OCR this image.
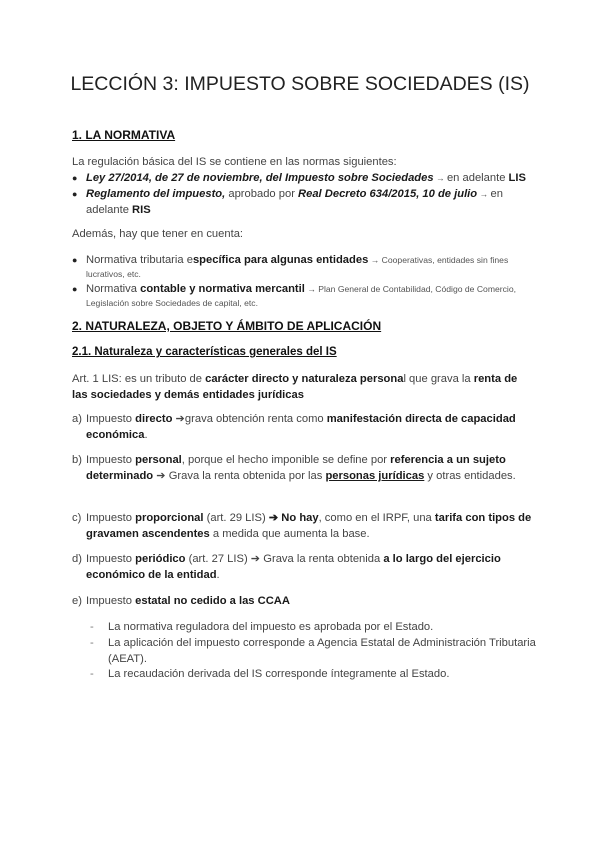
LECCIÓN 3: IMPUESTO SOBRE SOCIEDADES (IS)
1. LA NORMATIVA

La regulación básica del IS se contiene en las normas siguientes:

● Ley 27/2014, de 27 de noviembre, del Impuesto sobre Sociedades → en adelante LIS
● Reglamento del impuesto, aprobado por Real Decreto 634/2015, 10 de julio → en adelante RIS

Además, hay que tener en cuenta:

● Normativa tributaria específica para algunas entidades → Cooperativas, entidades sin fines lucrativos, etc.
● Normativa contable y normativa mercantil → Plan General de Contabilidad, Código de Comercio, Legislación sobre Sociedades de capital, etc.
2. NATURALEZA, OBJETO Y ÁMBITO DE APLICACIÓN
2.1. Naturaleza y características generales del IS

Art. 1 LIS: es un tributo de carácter directo y naturaleza personal que grava la renta de las sociedades y demás entidades jurídicas

a) Impuesto directo ➔grava obtención renta como manifestación directa de capacidad económica.
b) Impuesto personal, porque el hecho imponible se define por referencia a un sujeto determinado ➔ Grava la renta obtenida por las personas jurídicas y otras entidades.
c) Impuesto proporcional (art. 29 LIS) ➔ No hay, como en el IRPF, una tarifa con tipos de gravamen ascendentes a medida que aumenta la base.
d) Impuesto periódico (art. 27 LIS) ➔ Grava la renta obtenida a lo largo del ejercicio económico de la entidad.
e) Impuesto estatal no cedido a las CCAA
- La normativa reguladora del impuesto es aprobada por el Estado.
- La aplicación del impuesto corresponde a Agencia Estatal de Administración Tributaria (AEAT).
- La recaudación derivada del IS corresponde íntegramente al Estado.
